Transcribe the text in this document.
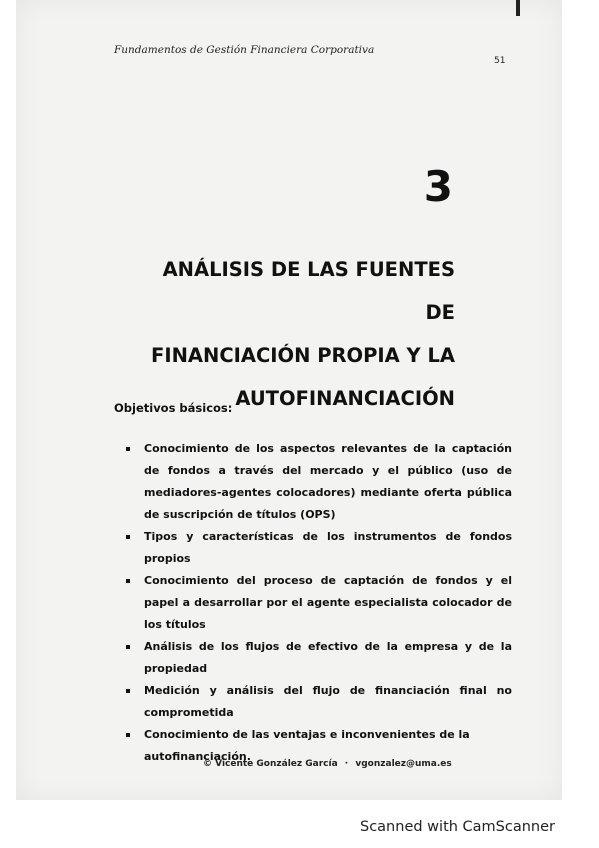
Fundamentos de Gestión Financiera Corporativa
51
3
ANÁLISIS DE LAS FUENTES DE
FINANCIACIÓN PROPIA Y LA
AUTOFINANCIACIÓN
Objetivos básicos:
Conocimiento de los aspectos relevantes de la captación de fondos a través del mercado y el público (uso de mediadores-agentes colocadores) mediante oferta pública de suscripción de títulos (OPS)
Tipos y características de los instrumentos de fondos propios
Conocimiento del proceso de captación de fondos y el papel a desarrollar por el agente especialista colocador de los títulos
Análisis de los flujos de efectivo de la empresa y de la propiedad
Medición y análisis del flujo de financiación final no comprometida
Conocimiento de las ventajas e inconvenientes de la autofinanciación.
© Vicente González García · vgonzalez@uma.es
Scanned with CamScanner
